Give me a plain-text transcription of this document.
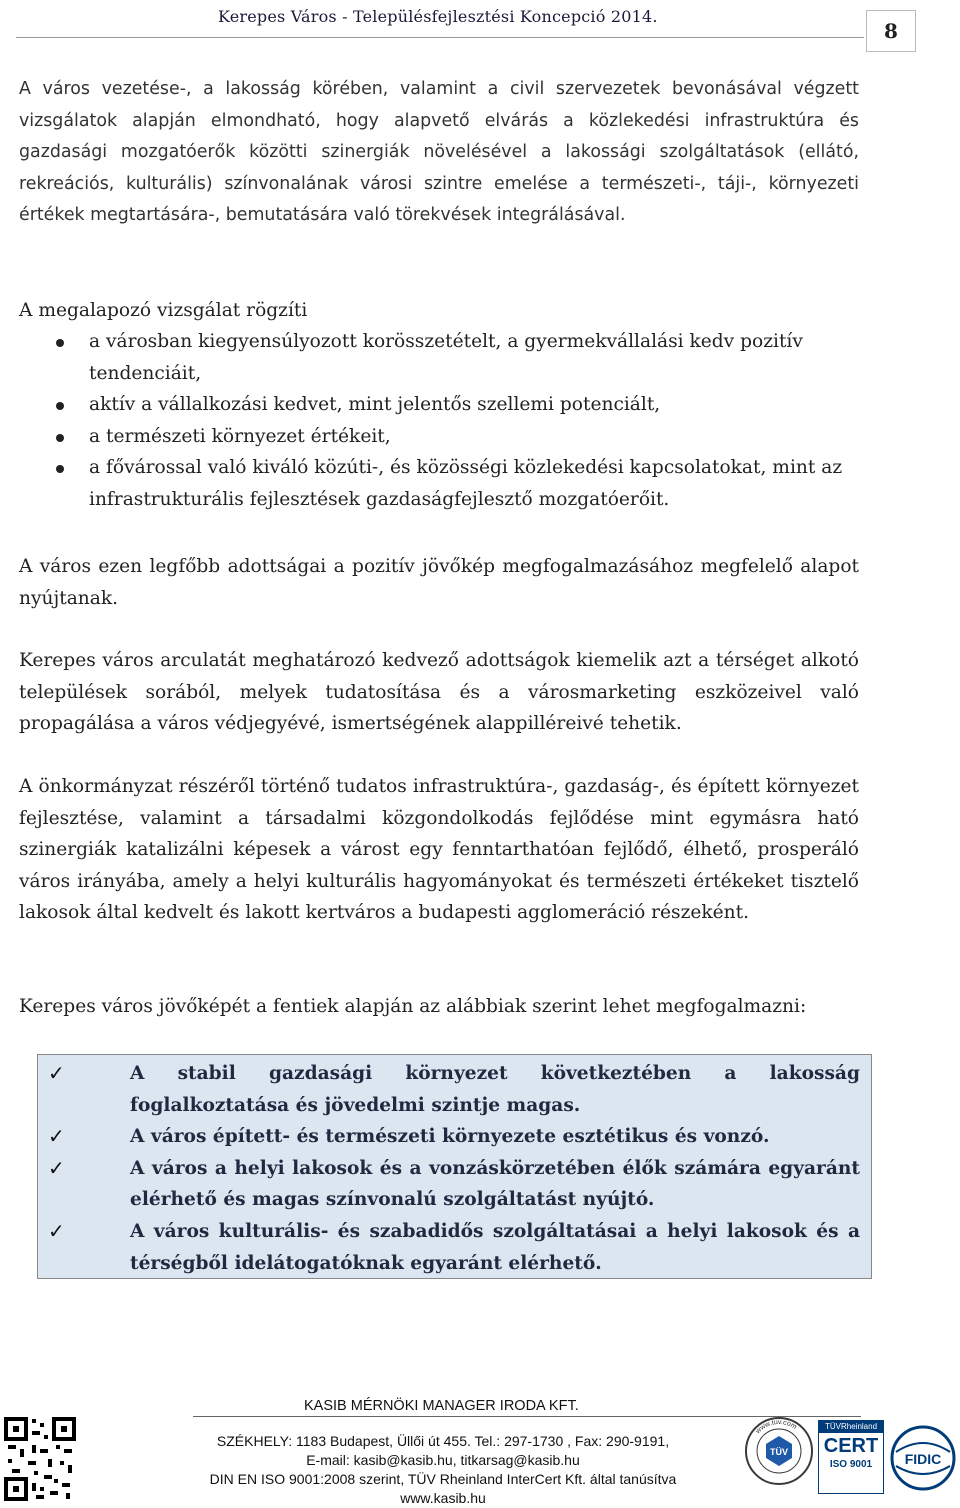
Kerepes Város - Településfejlesztési Koncepció 2014.
8

A város vezetése-, a lakosság körében, valamint a civil szervezetek bevonásával végzett vizsgálatok alapján elmondható, hogy alapvető elvárás a közlekedési infrastruktúra és gazdasági mozgatóerők közötti szinergiák növelésével a lakossági szolgáltatások (ellátó, rekreációs, kulturális) színvonalának városi szintre emelése a természeti-, táji-, környezeti értékek megtartására-, bemutatására való törekvések integrálásával.

A megalapozó vizsgálat rögzíti

a városban kiegyensúlyozott korösszetételt, a gyermekvállalási kedv pozitív tendenciáit,
aktív a vállalkozási kedvet, mint jelentős szellemi potenciált,
a természeti környezet értékeit,
a fővárossal való kiváló közúti-, és közösségi közlekedési kapcsolatokat, mint az infrastrukturális fejlesztések gazdaságfejlesztő mozgatóerőit.

A város ezen legfőbb adottságai a pozitív jövőkép megfogalmazásához megfelelő alapot nyújtanak.

Kerepes város arculatát meghatározó kedvező adottságok kiemelik azt a térséget alkotó települések sorából, melyek tudatosítása és a városmarketing eszközeivel való propagálása a város védjegyévé, ismertségének alappilléreivé tehetik.

A önkormányzat részéről történő tudatos infrastruktúra-, gazdaság-, és épített környezet fejlesztése, valamint a társadalmi közgondolkodás fejlődése mint egymásra ható szinergiák katalizálni képesek a várost egy fenntarthatóan fejlődő, élhető, prosperáló város irányába, amely a helyi kulturális hagyományokat és természeti értékeket tisztelő lakosok által kedvelt és lakott kertváros a budapesti agglomeráció részeként.

Kerepes város jövőképét a fentiek alapján az alábbiak szerint lehet megfogalmazni:

✓	A stabil gazdasági környezet következtében a lakosság foglalkoztatása és jövedelmi szintje magas.
✓	A város épített- és természeti környezete esztétikus és vonzó.
✓	A város a helyi lakosok és a vonzáskörzetében élők számára egyaránt elérhető és magas színvonalú szolgáltatást nyújtó.
✓	A város kulturális- és szabadidős szolgáltatásai a helyi lakosok és a térségből idelátogatóknak egyaránt elérhető.
KASIB MÉRNÖKI MANAGER IRODA KFT.
SZÉKHELY: 1183 Budapest, Üllői út 455. Tel.: 297-1730 , Fax: 290-9191,
E-mail: kasib@kasib.hu, titkarsag@kasib.hu
DIN EN ISO 9001:2008 szerint, TÜV Rheinland InterCert Kft. által tanúsítva
www.kasib.hu
www.tuv.com
TÜV
TÜVRheinland
CERT
ISO 9001	FIDIC
